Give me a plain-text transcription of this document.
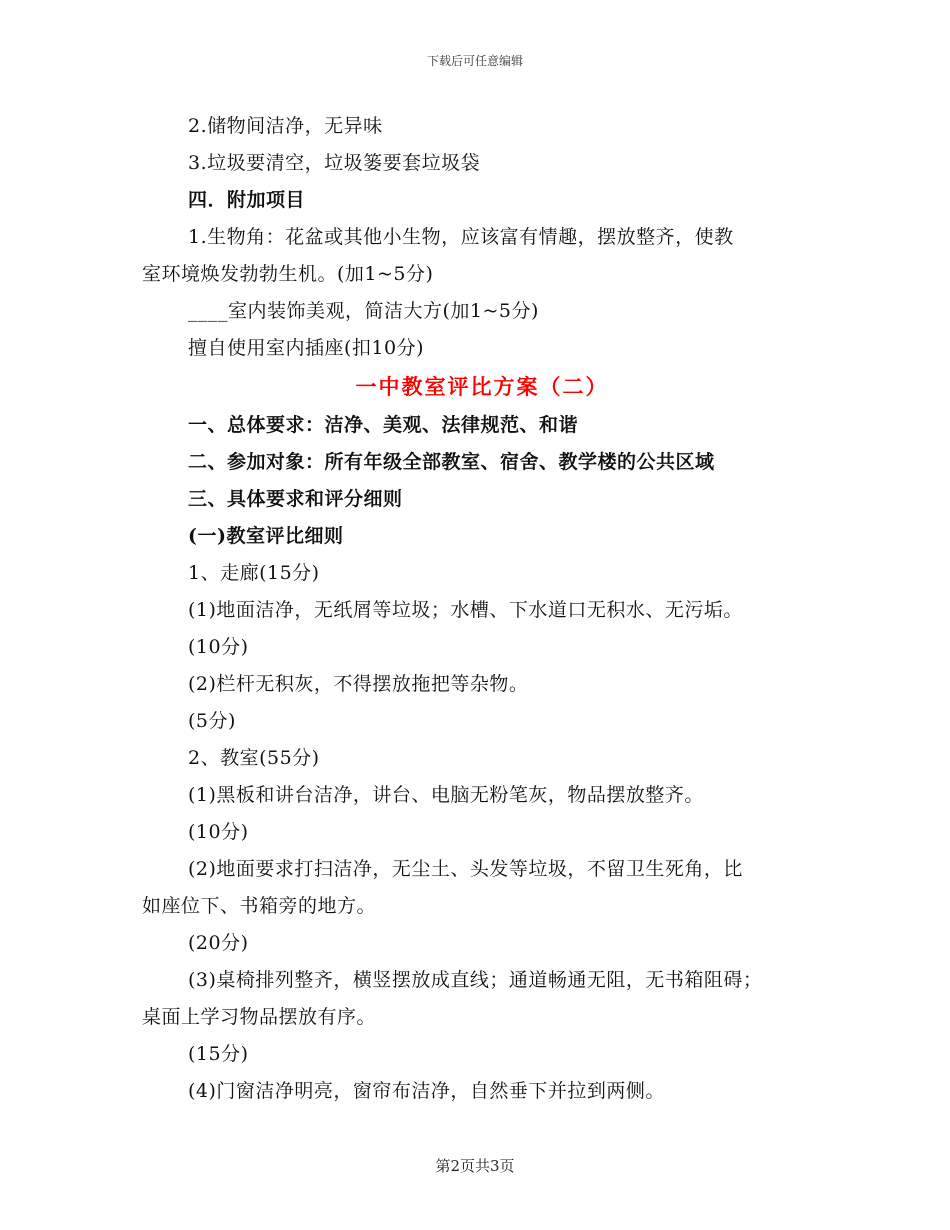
下载后可任意编辑
2.储物间洁净，无异味
3.垃圾要清空，垃圾篓要套垃圾袋
四．附加项目
1.生物角：花盆或其他小生物，应该富有情趣，摆放整齐，使教
室环境焕发勃勃生机。(加1~5分)
____室内装饰美观，简洁大方(加1~5分)
擅自使用室内插座(扣10分)
一中教室评比方案（二）
一、总体要求：洁净、美观、法律规范、和谐
二、参加对象：所有年级全部教室、宿舍、教学楼的公共区域
三、具体要求和评分细则
(一)教室评比细则
1、走廊(15分)
(1)地面洁净，无纸屑等垃圾；水槽、下水道口无积水、无污垢。
(10分)
(2)栏杆无积灰，不得摆放拖把等杂物。
(5分)
2、教室(55分)
(1)黑板和讲台洁净，讲台、电脑无粉笔灰，物品摆放整齐。
(10分)
(2)地面要求打扫洁净，无尘土、头发等垃圾，不留卫生死角，比
如座位下、书箱旁的地方。
(20分)
(3)桌椅排列整齐，横竖摆放成直线；通道畅通无阻，无书箱阻碍；
桌面上学习物品摆放有序。
(15分)
(4)门窗洁净明亮，窗帘布洁净，自然垂下并拉到两侧。
第2页共3页
